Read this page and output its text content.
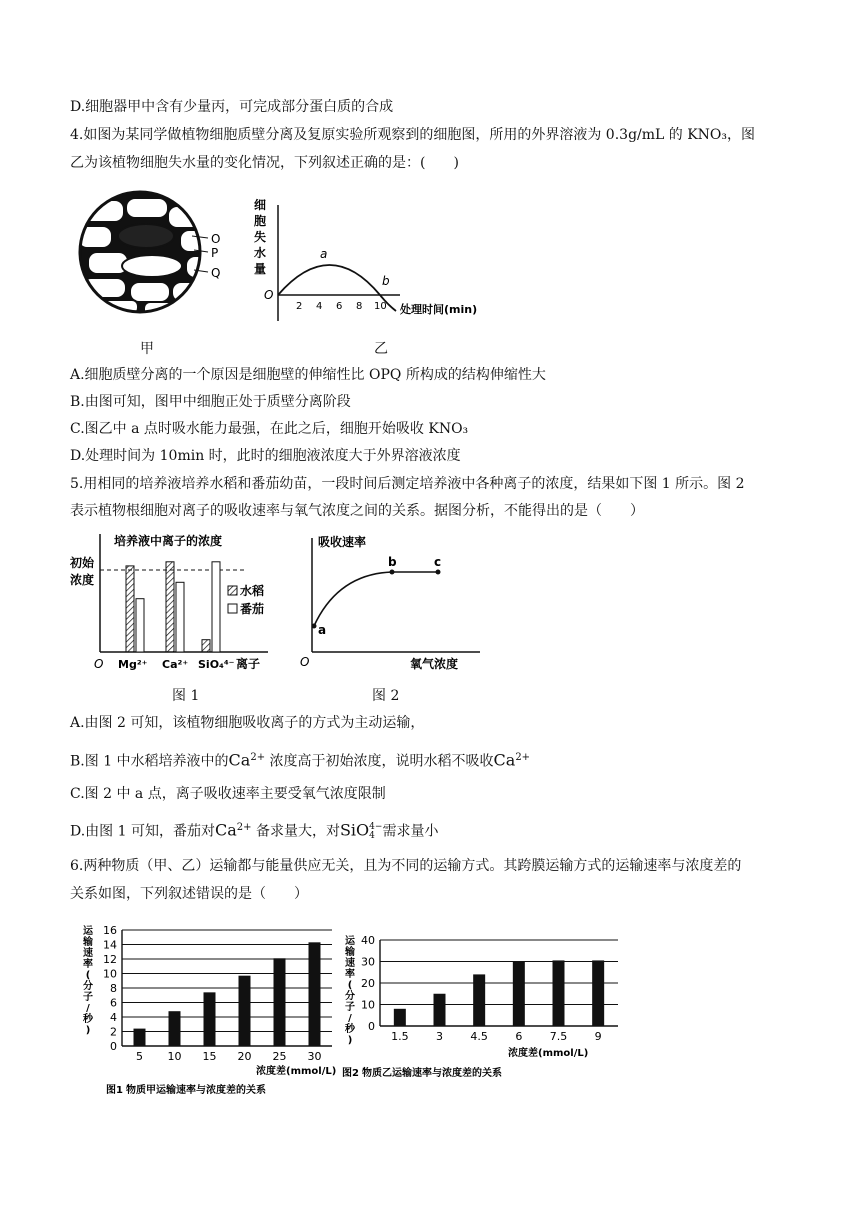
D.细胞器甲中含有少量丙，可完成部分蛋白质的合成
4.如图为某同学做植物细胞质壁分离及复原实验所观察到的细胞图，所用的外界溶液为 0.3g/mL 的 KNO₃，图
乙为该植物细胞失水量的变化情况，下列叙述正确的是：(　　)
O
P
Q
细
胞
失
水
量
O
a
b
2 4 6 8 10 处理时间(min)
甲	乙
A.细胞质壁分离的一个原因是细胞壁的伸缩性比 OPQ 所构成的结构伸缩性大
B.由图可知，图甲中细胞正处于质壁分离阶段
C.图乙中 a 点时吸水能力最强，在此之后，细胞开始吸收 KNO₃
D.处理时间为 10min 时，此时的细胞液浓度大于外界溶液浓度
5.用相同的培养液培养水稻和番茄幼苗，一段时间后测定培养液中各种离子的浓度，结果如下图 1 所示。图 2
表示植物根细胞对离子的吸收速率与氧气浓度之间的关系。据图分析，不能得出的是（　　）
培养液中离子的浓度
初始
浓度
水稻
番茄
O Mg²⁺ Ca²⁺ SiO₄⁴⁻ 离子
吸收速率
a
b	c
O	氧气浓度
图 1	图 2
A.由图 2 可知，该植物细胞吸收离子的方式为主动运输，
B.图 1 中水稻培养液中的$Ca^{2+}$ 浓度高于初始浓度，说明水稻不吸收$Ca^{2+}$
C.图 2 中 a 点，离子吸收速率主要受氧气浓度限制
D.由图 1 可知，番茄对$Ca^{2+}$ 备求量大，对SiO 4−
4 需求量小
6.两种物质（甲、乙）运输都与能量供应无关，且为不同的运输方式。其跨膜运输方式的运输速率与浓度差的
关系如图，下列叙述错误的是（　　）
运
输
速
率
(
分
子
/
秒
)
5 10 15 20 25 30
0
2
4
6
8
10
12
14
16
浓度差(mmol/L)
图1 物质甲运输速率与浓度差的关系
运
输
速
率
(
分
子
/
秒
)	1.5 3 4.5 6 7.5 9
0
10
20
30
40
浓度差(mmol/L)
图2 物质乙运输速率与浓度差的关系
